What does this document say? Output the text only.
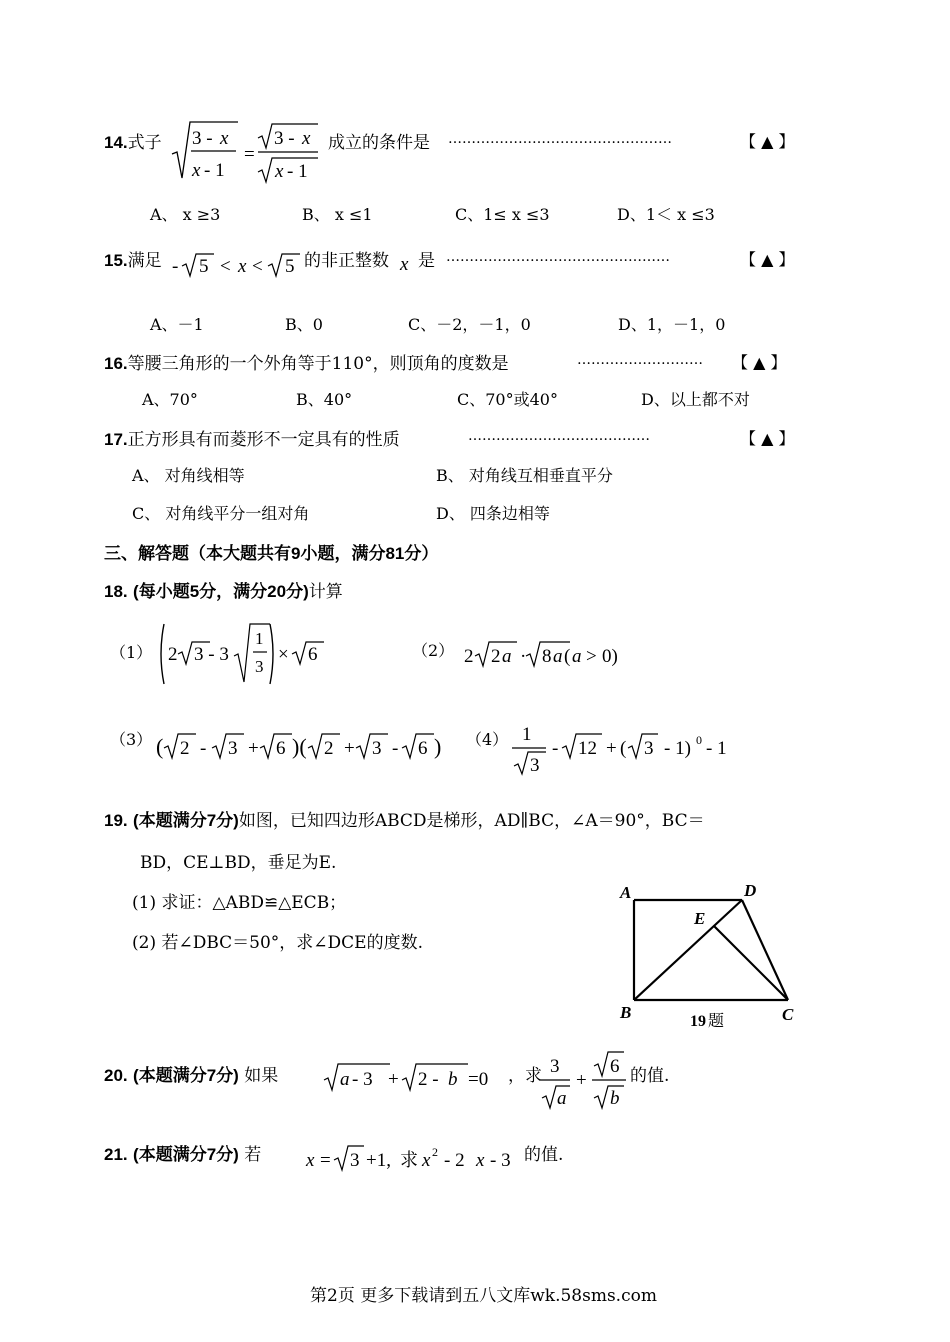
14.式子 3 - x
x - 1
=
3 - x
x - 1
成立的条件是 …………………………………………	【 ▲ 】
A、 x ≥3	B、 x ≤1	C、1≤ x ≤3	D、1＜ x ≤3
15.满足 - 5 < x < 5 的非正整数 x 是 …………………………………………	【 ▲ 】
A、－1	B、0	C、－2，－1，0	D、1，－1，0
16.等腰三角形的一个外角等于110°，则顶角的度数是	……………………… 【 ▲ 】
A、70°	B、40°	C、70°或40°	D、以上都不对
17.正方形具有而菱形不一定具有的性质	…………………………………	【 ▲ 】
A、 对角线相等	B、 对角线互相垂直平分
C、 对角线平分一组对角	D、 四条边相等
三、解答题（本大题共有9小题，满分81分）
18. (每小题5分，满分20分)计算
（1） 2 3 - 3
1
3
× 6	（2） 2 2 a · 8 a ( a > 0)
（3） ( 2 - 3 + 6 )( 2 + 3 - 6 ) （4） 1
3
- 12 + ( 3 - 1) 0 - 1
19. (本题满分7分)如图，已知四边形ABCD是梯形，AD∥BC，∠A＝90°，BC＝
BD，CE⊥BD，垂足为E.
(1) 求证：△ABD≌△ECB；
(2) 若∠DBC＝50°，求∠DCE的度数.
A	D
E
B	C
19 题
20. (本题满分7分) 如果	a - 3 + 2 - b =0 ，求 3
a
+
6
b
的值.
21. (本题满分7分) 若 x = 3 +1, 求 x 2 - 2 x - 3 的值.
第2页 更多下载请到五八文库wk.58sms.com
